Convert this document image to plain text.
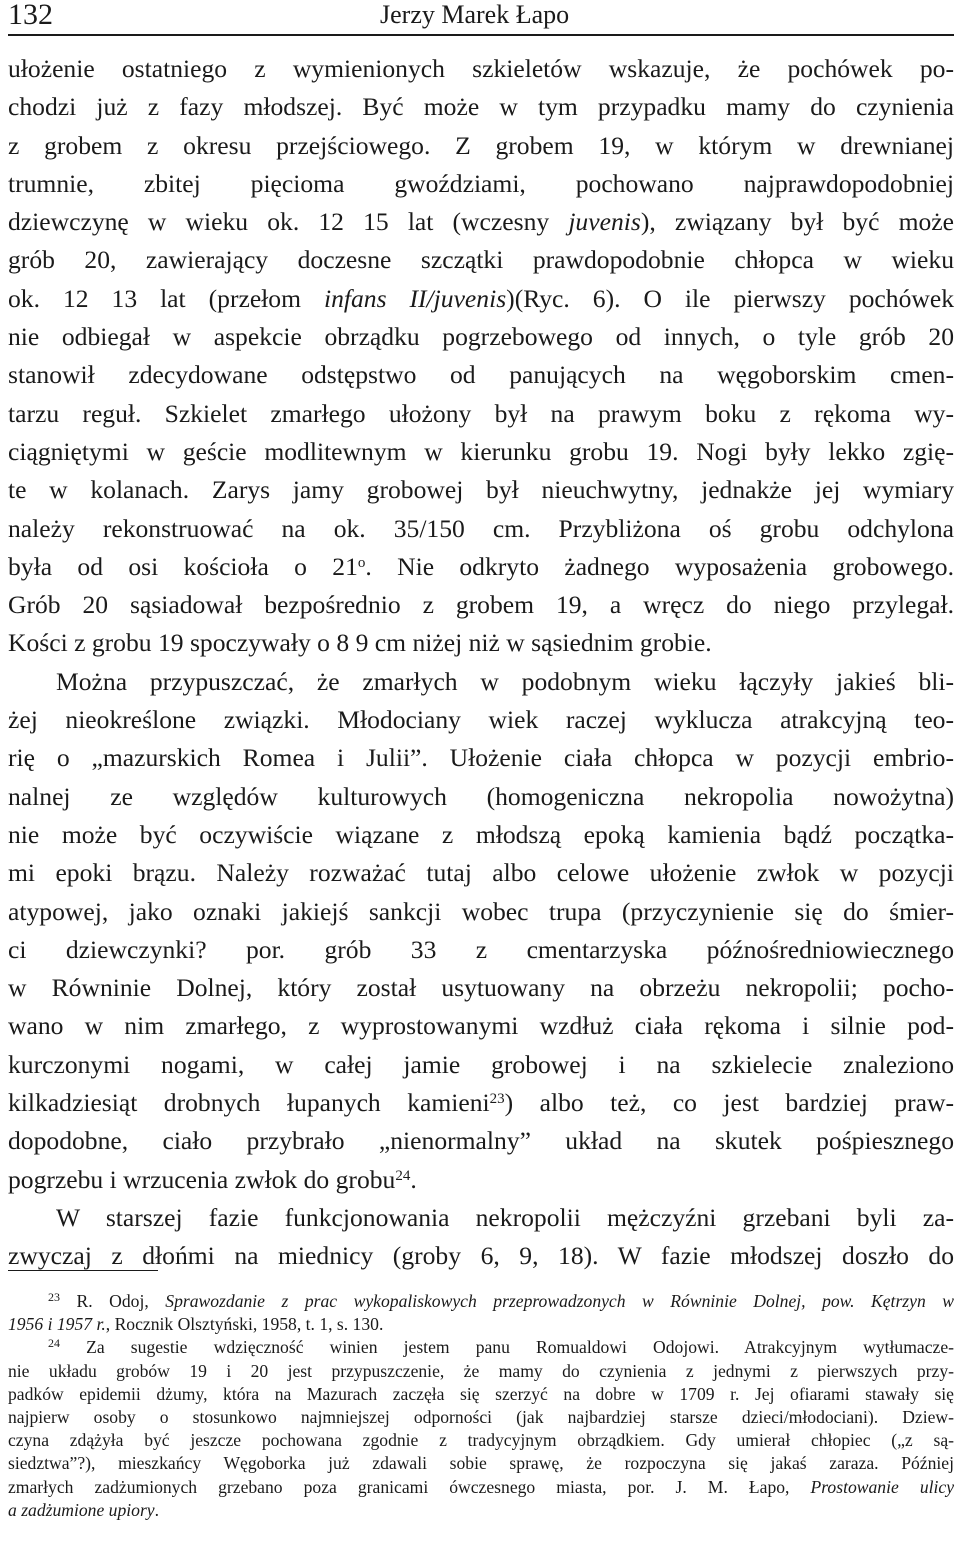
132	Jerzy Marek Łapo
ułożenie ostatniego z wymienionych szkieletów wskazuje, że pochówek po-
chodzi już z fazy młodszej. Być może w tym przypadku mamy do czynienia
z grobem z okresu przejściowego. Z grobem 19, w którym w drewnianej
trumnie, zbitej pięcioma gwoździami, pochowano najprawdopodobniej
dziewczynę w wieku ok. 12 15 lat (wczesny juvenis), związany był być może
grób 20, zawierający doczesne szczątki prawdopodobnie chłopca w wieku
ok. 12 13 lat (przełom infans II/juvenis)(Ryc. 6). O ile pierwszy pochówek
nie odbiegał w aspekcie obrządku pogrzebowego od innych, o tyle grób 20
stanowił zdecydowane odstępstwo od panujących na węgoborskim cmen-
tarzu reguł. Szkielet zmarłego ułożony był na prawym boku z rękoma wy-
ciągniętymi w geście modlitewnym w kierunku grobu 19. Nogi były lekko zgię-
te w kolanach. Zarys jamy grobowej był nieuchwytny, jednakże jej wymiary
należy rekonstruować na ok. 35/150 cm. Przybliżona oś grobu odchylona
była od osi kościoła o 21$^o$. Nie odkryto żadnego wyposażenia grobowego.
Grób 20 sąsiadował bezpośrednio z grobem 19, a wręcz do niego przylegał.
Kości z grobu 19 spoczywały o 8 9 cm niżej niż w sąsiednim grobie.
Można przypuszczać, że zmarłych w podobnym wieku łączyły jakieś bli-
żej nieokreślone związki. Młodociany wiek raczej wyklucza atrakcyjną teo-
rię o „mazurskich Romea i Julii”. Ułożenie ciała chłopca w pozycji embrio-
nalnej ze względów kulturowych (homogeniczna nekropolia nowożytna)
nie może być oczywiście wiązane z młodszą epoką kamienia bądź początka-
mi epoki brązu. Należy rozważać tutaj albo celowe ułożenie zwłok w pozycji
atypowej, jako oznaki jakiejś sankcji wobec trupa (przyczynienie się do śmier-
ci dziewczynki? por. grób 33 z cmentarzyska późnośredniowiecznego
w Równinie Dolnej, który został usytuowany na obrzeżu nekropolii; pocho-
wano w nim zmarłego, z wyprostowanymi wzdłuż ciała rękoma i silnie pod-
kurczonymi nogami, w całej jamie grobowej i na szkielecie znaleziono
kilkadziesiąt drobnych łupanych kamieni$^{23}$) albo też, co jest bardziej praw-
dopodobne, ciało przybrało „nienormalny” układ na skutek pośpiesznego
pogrzebu i wrzucenia zwłok do grobu$^{24}$.
W starszej fazie funkcjonowania nekropolii mężczyźni grzebani byli za-
zwyczaj z dłońmi na miednicy (groby 6, 9, 18). W fazie młodszej doszło do
$^{23}$ R. Odoj, Sprawozdanie z prac wykopaliskowych przeprowadzonych w Równinie Dolnej, pow. Kętrzyn w
1956 i 1957 r., Rocznik Olsztyński, 1958, t. 1, s. 130.
$^{24}$ Za sugestie wdzięczność winien jestem panu Romualdowi Odojowi. Atrakcyjnym wytłumacze-
nie układu grobów 19 i 20 jest przypuszczenie, że mamy do czynienia z jednymi z pierwszych przy-
padków epidemii dżumy, która na Mazurach zaczęła się szerzyć na dobre w 1709 r. Jej ofiarami stawały się
najpierw osoby o stosunkowo najmniejszej odporności (jak najbardziej starsze dzieci/młodociani). Dziew-
czyna zdążyła być jeszcze pochowana zgodnie z tradycyjnym obrządkiem. Gdy umierał chłopiec („z są-
siedztwa”?), mieszkańcy Węgoborka już zdawali sobie sprawę, że rozpoczyna się jakaś zaraza. Później
zmarłych zadżumionych grzebano poza granicami ówczesnego miasta, por. J. M. Łapo, Prostowanie ulicy
a zadżumione upiory.
